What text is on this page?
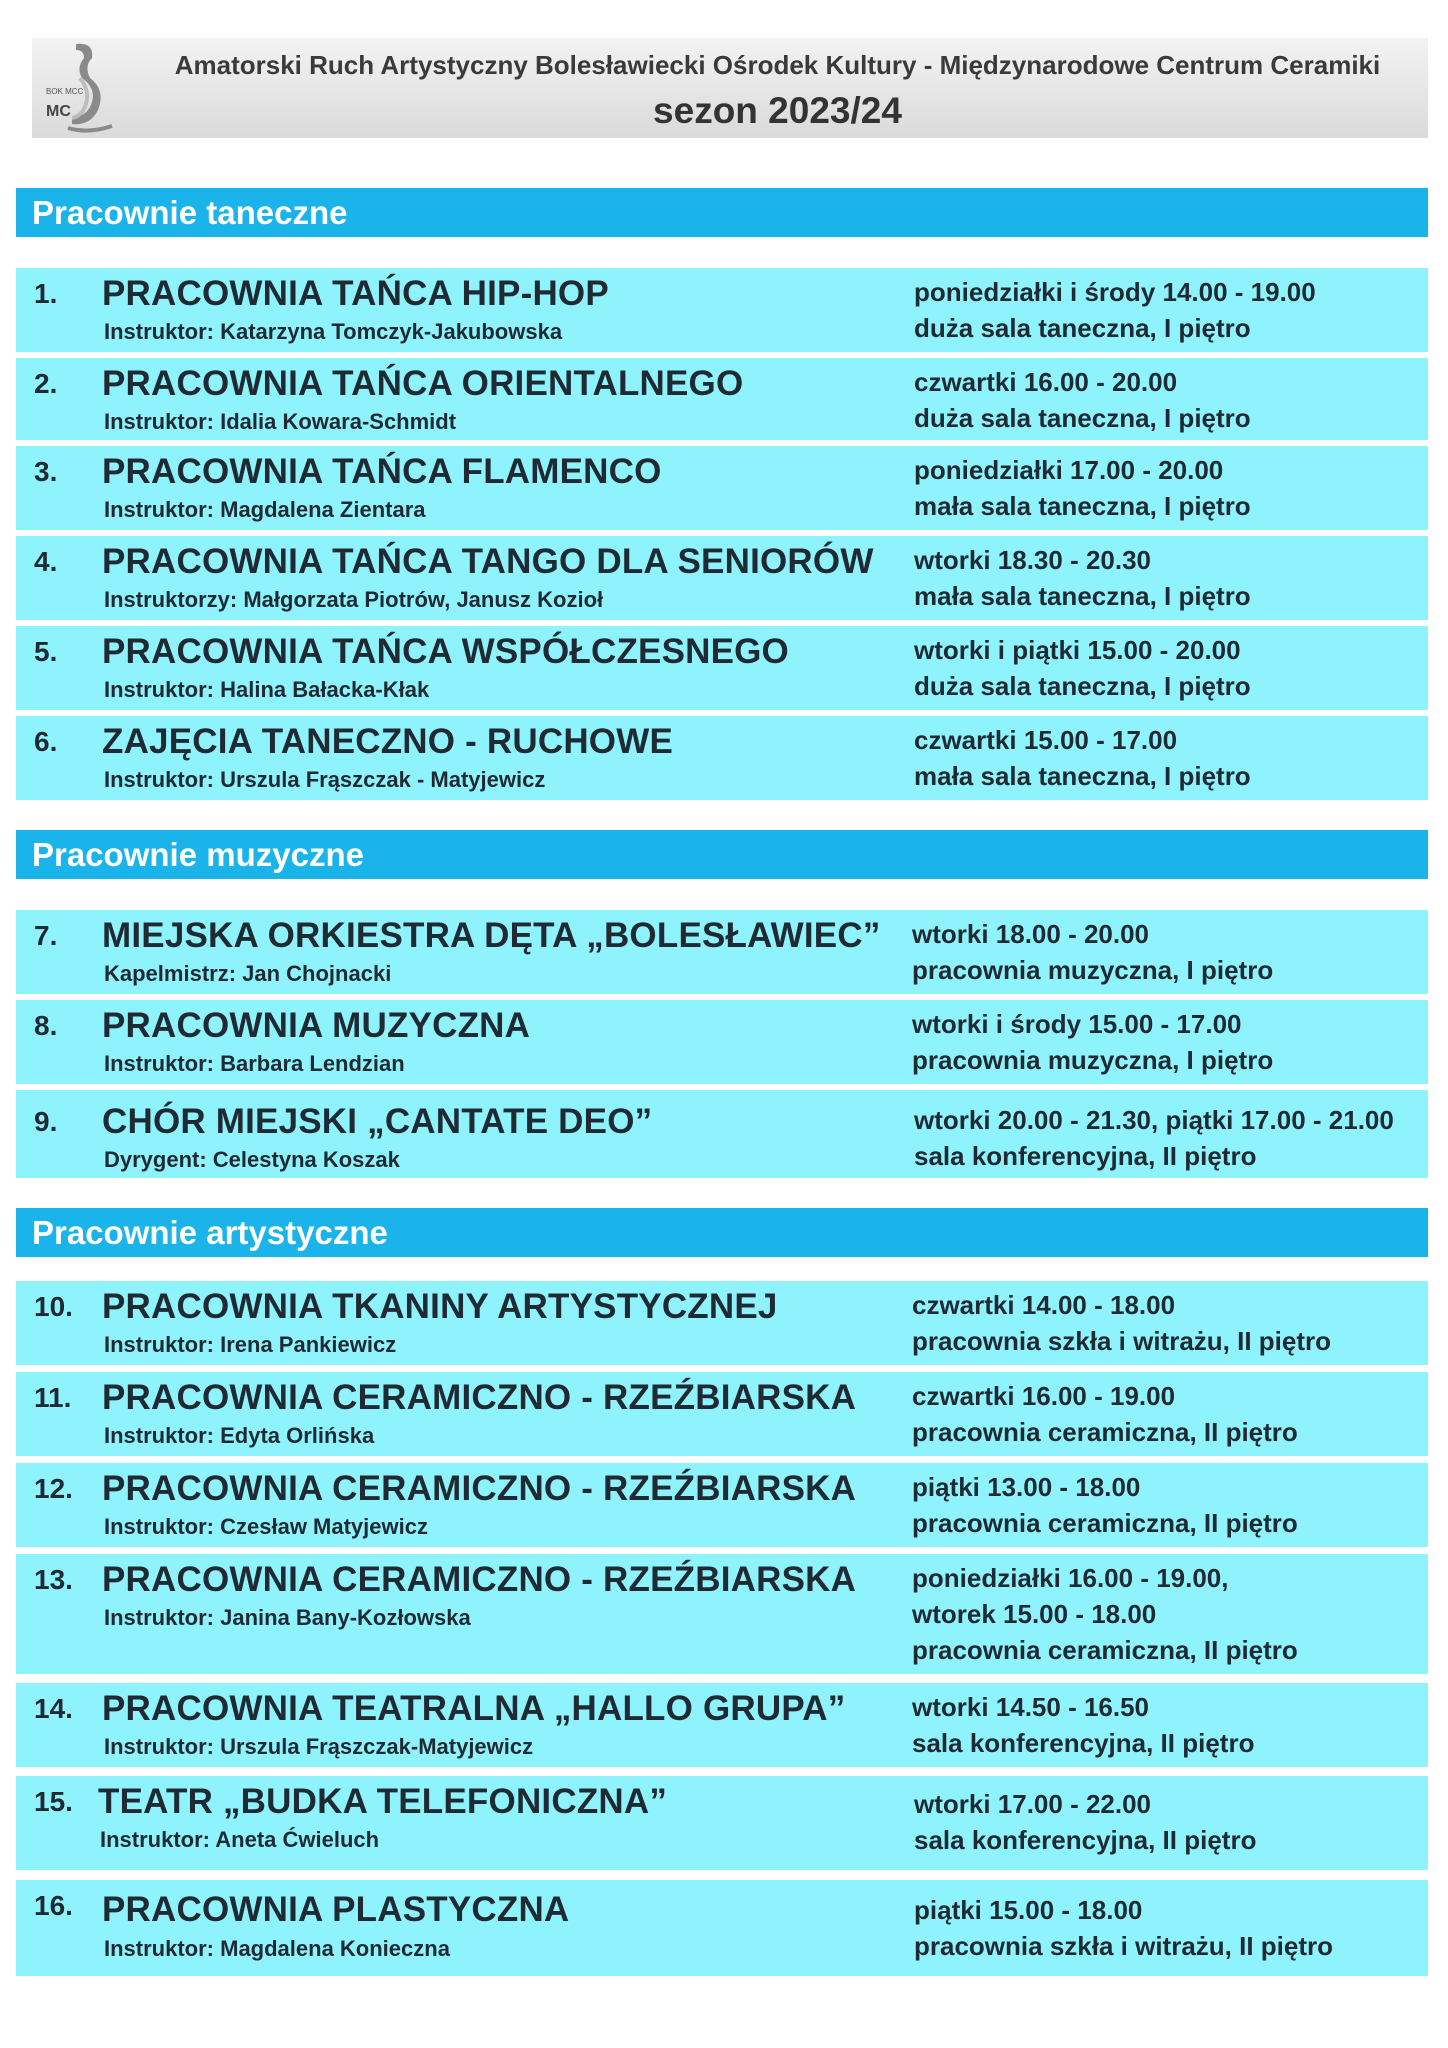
BOK MCC
MC
Amatorski Ruch Artystyczny Bolesławiecki Ośrodek Kultury - Międzynarodowe Centrum Ceramiki
sezon 2023/24
Pracownie taneczne
1. PRACOWNIA TAŃCA HIP-HOP
Instruktor: Katarzyna Tomczyk-Jakubowska
poniedziałki i środy 14.00 - 19.00
duża sala taneczna, I piętro
2. PRACOWNIA TAŃCA ORIENTALNEGO
Instruktor: Idalia Kowara-Schmidt
czwartki 16.00 - 20.00
duża sala taneczna, I piętro
3. PRACOWNIA TAŃCA FLAMENCO
Instruktor: Magdalena Zientara
poniedziałki 17.00 - 20.00
mała sala taneczna, I piętro
4. PRACOWNIA TAŃCA TANGO DLA SENIORÓW
Instruktorzy: Małgorzata Piotrów, Janusz Kozioł
wtorki 18.30 - 20.30
mała sala taneczna, I piętro
5. PRACOWNIA TAŃCA WSPÓŁCZESNEGO
Instruktor: Halina Bałacka-Kłak
wtorki i piątki 15.00 - 20.00
duża sala taneczna, I piętro
6. ZAJĘCIA TANECZNO - RUCHOWE
Instruktor: Urszula Frąszczak - Matyjewicz
czwartki 15.00 - 17.00
mała sala taneczna, I piętro
Pracownie muzyczne
7. MIEJSKA ORKIESTRA DĘTA „BOLESŁAWIEC”
Kapelmistrz: Jan Chojnacki
wtorki 18.00 - 20.00
pracownia muzyczna, I piętro
8. PRACOWNIA MUZYCZNA
Instruktor: Barbara Lendzian
wtorki i środy 15.00 - 17.00
pracownia muzyczna, I piętro
9. CHÓR MIEJSKI „CANTATE DEO”
Dyrygent: Celestyna Koszak
wtorki 20.00 - 21.30, piątki 17.00 - 21.00
sala konferencyjna, II piętro
Pracownie artystyczne
10. PRACOWNIA TKANINY ARTYSTYCZNEJ
Instruktor: Irena Pankiewicz
czwartki 14.00 - 18.00
pracownia szkła i witrażu, II piętro
11. PRACOWNIA CERAMICZNO - RZEŹBIARSKA
Instruktor: Edyta Orlińska
czwartki 16.00 - 19.00
pracownia ceramiczna, II piętro
12. PRACOWNIA CERAMICZNO - RZEŹBIARSKA
Instruktor: Czesław Matyjewicz
piątki 13.00 - 18.00
pracownia ceramiczna, II piętro
13. PRACOWNIA CERAMICZNO - RZEŹBIARSKA
Instruktor: Janina Bany-Kozłowska
poniedziałki 16.00 - 19.00,
wtorek 15.00 - 18.00
pracownia ceramiczna, II piętro
14. PRACOWNIA TEATRALNA „HALLO GRUPA”
Instruktor: Urszula Frąszczak-Matyjewicz
wtorki 14.50 - 16.50
sala konferencyjna, II piętro
15. TEATR „BUDKA TELEFONICZNA”
Instruktor: Aneta Ćwieluch
wtorki 17.00 - 22.00
sala konferencyjna, II piętro
16. PRACOWNIA PLASTYCZNA
Instruktor: Magdalena Konieczna
piątki 15.00 - 18.00
pracownia szkła i witrażu, II piętro
